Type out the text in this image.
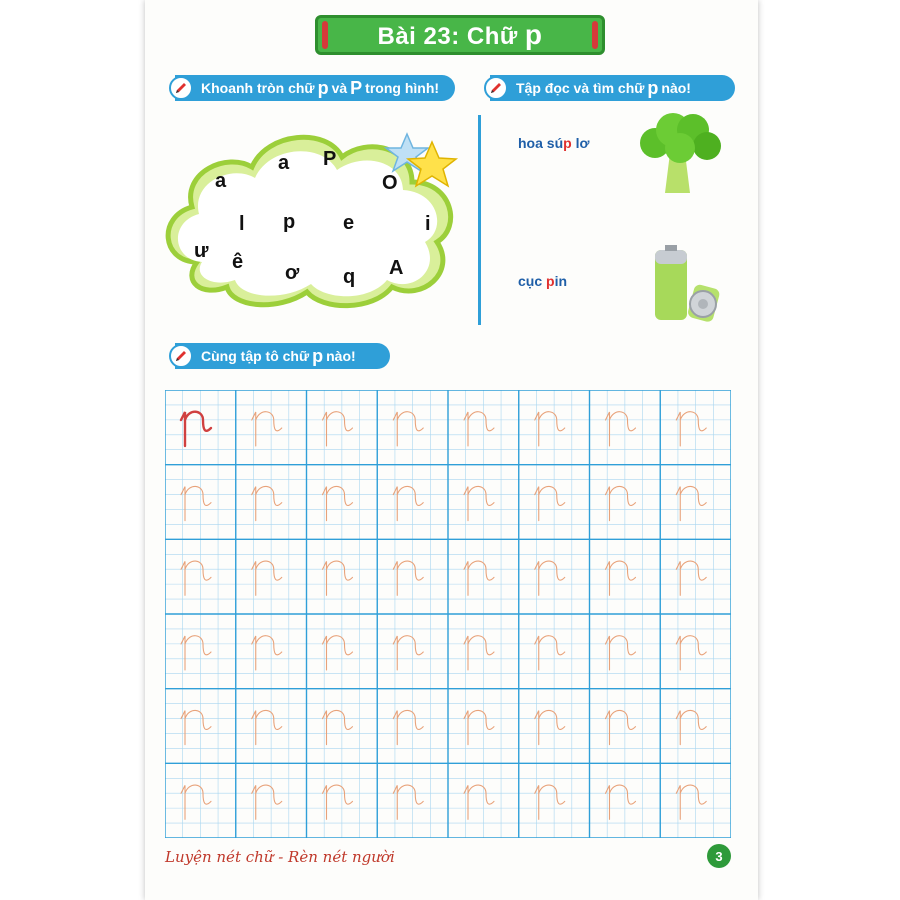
Bài 23: Chữ p
Khoanh tròn chữ p và P trong hình!	Tập đọc và tìm chữ p nào!
a
a P
O
l p e	i
ư ê ơ q A
hoa súp lơ
cục pin
Cùng tập tô chữ p nào!
Luyện nét chữ - Rèn nét người	3
